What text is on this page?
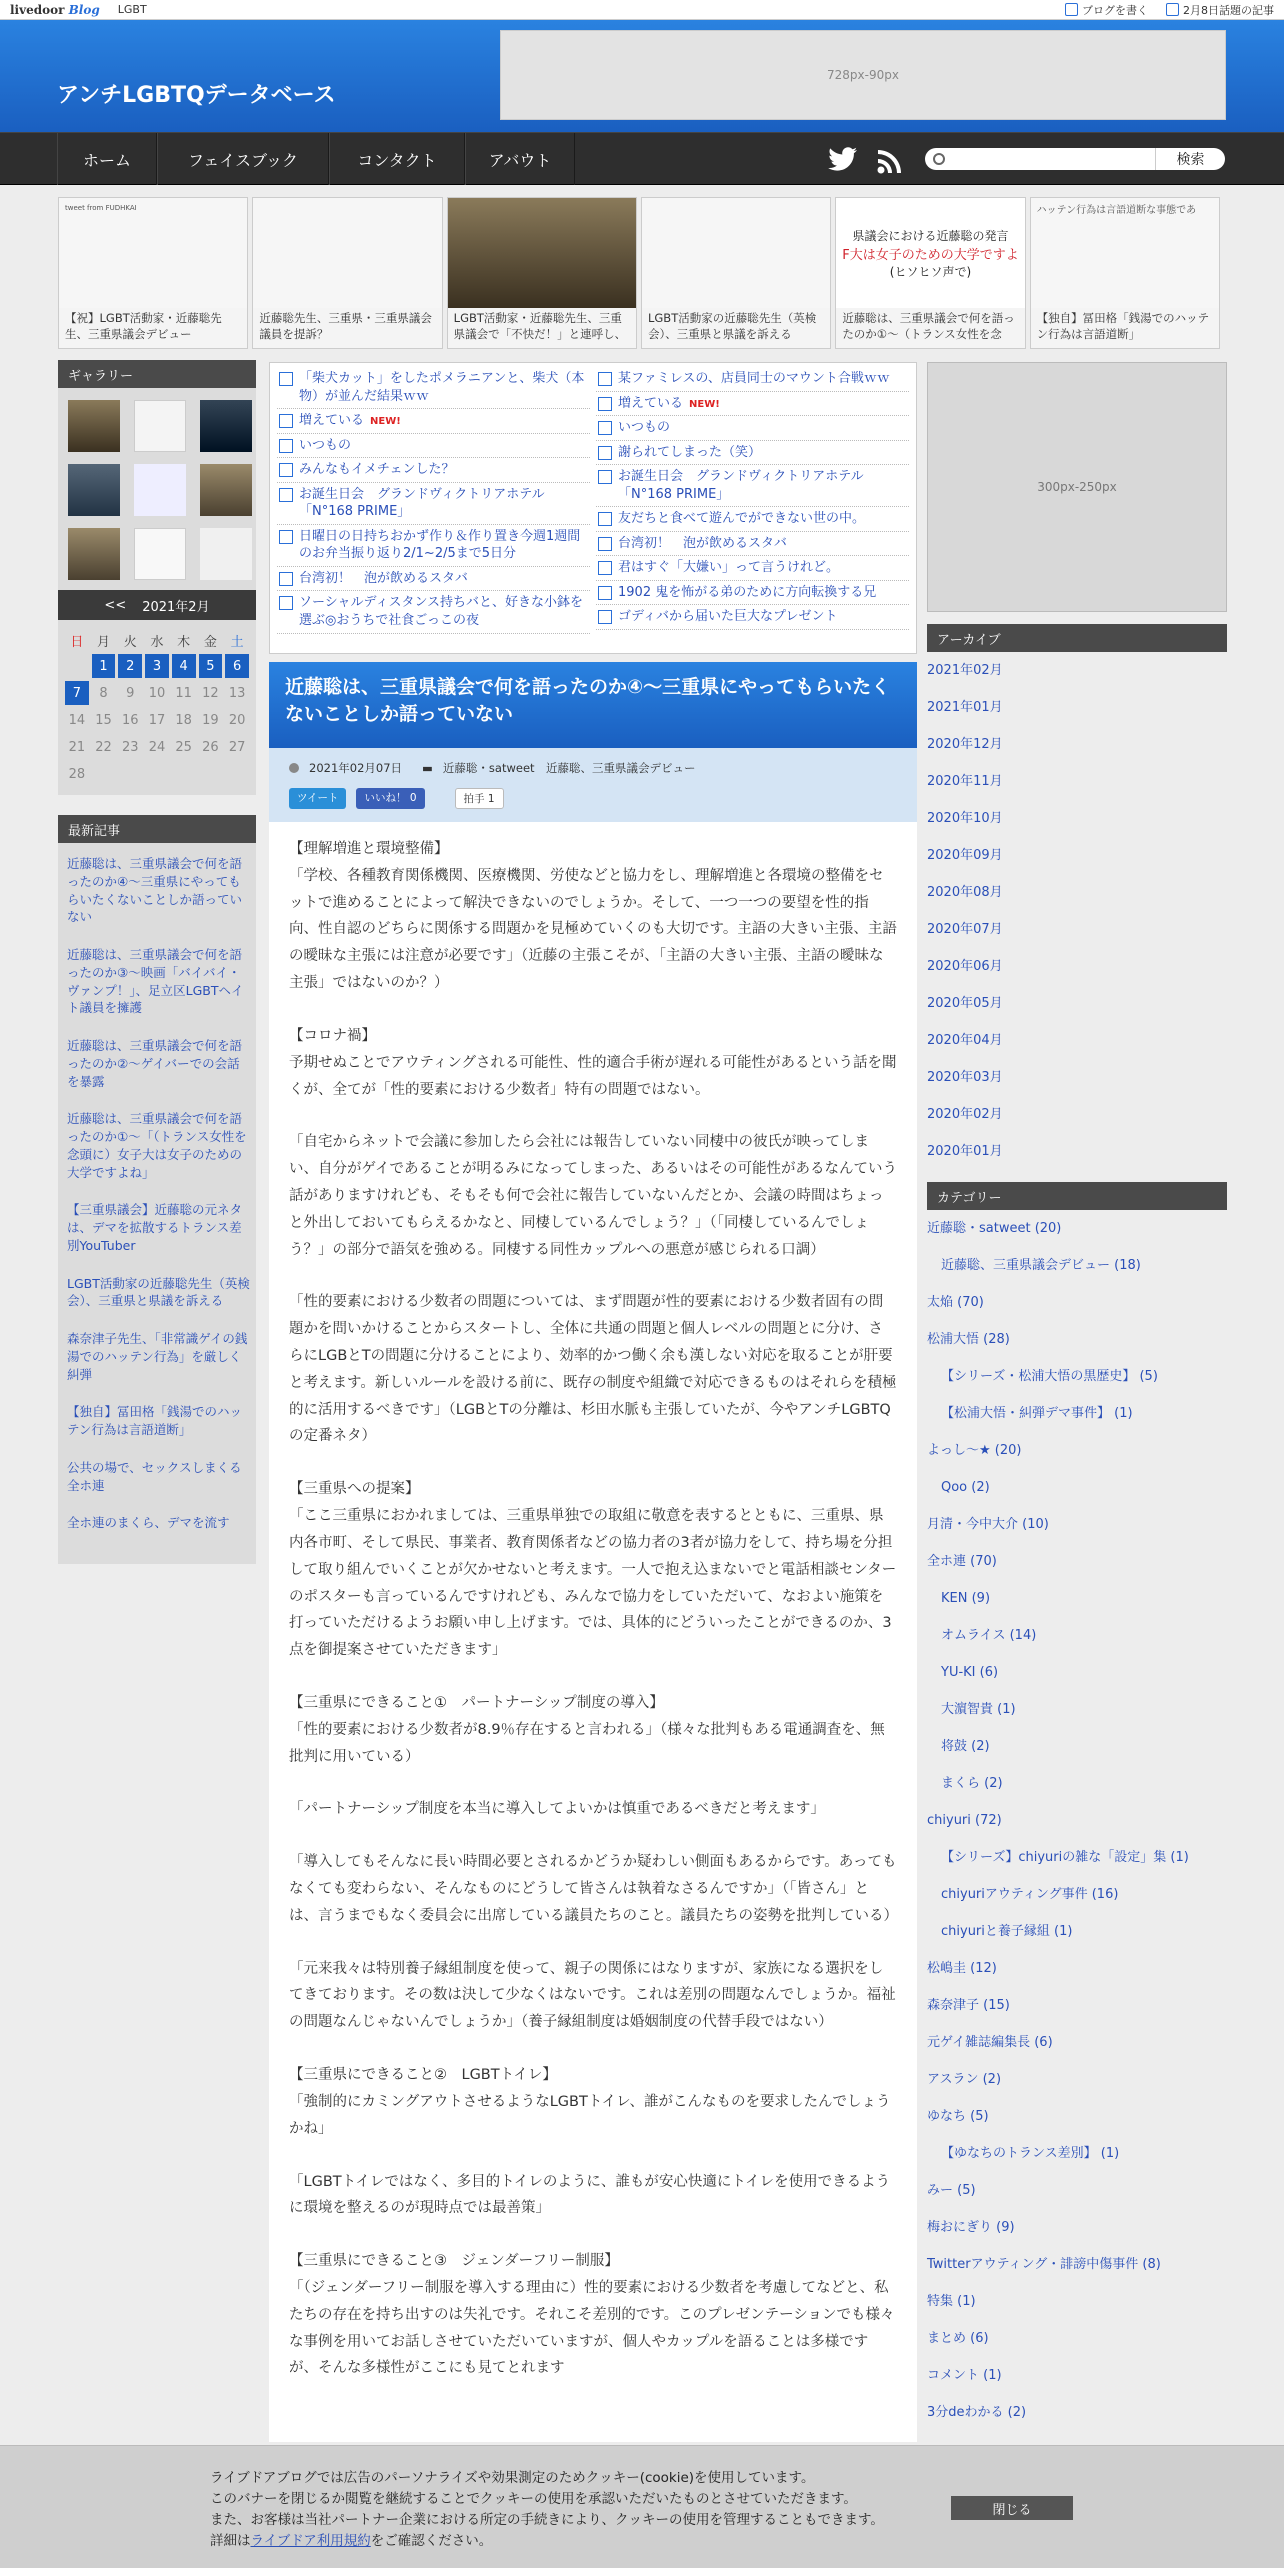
livedoor Blog LGBT	ブログを書く	2月8日話題の記事
アンチLGBTQデータベース
728px-90px
ホーム	フェイスブック	コンタクト	アバウト	検索
tweet from FUDHKAI
【祝】LGBT活動家・近藤聡先生、三重県議会デビュー
近藤聡先生、三重県・三重県議会議員を提訴？
LGBT活動家・近藤聡先生、三重県議会で「不快だ！」と連呼し、
LGBT活動家の近藤聡先生（英検会）、三重県と県議を訴える
県議会における近藤聡の発言
F大は女子のための大学ですよ
(ヒソヒソ声で)
近藤聡は、三重県議会で何を語ったのか①～（トランス女性を念
ハッテン行為は言語道断な事態であ
【独自】冨田格「銭湯でのハッテン行為は言語道断」
ギャラリー
<< 2021年2月
日	月	火	水	木	金	土
	1	2	3	4	5	6
7	8	9	10	11	12	13
14	15	16	17	18	19	20
21	22	23	24	25	26	27
28						
最新記事
近藤聡は、三重県議会で何を語ったのか④～三重県にやってもらいたくないことしか語っていない
近藤聡は、三重県議会で何を語ったのか③～映画「バイバイ・ヴァンプ！」、足立区LGBTヘイト議員を擁護
近藤聡は、三重県議会で何を語ったのか②～ゲイバーでの会話を暴露
近藤聡は、三重県議会で何を語ったのか①～「（トランス女性を念頭に）女子大は女子のための大学ですよね」
【三重県議会】近藤聡の元ネタは、デマを拡散するトランス差別YouTuber
LGBT活動家の近藤聡先生（英検会）、三重県と県議を訴える
森奈津子先生、「非常識ゲイの銭湯でのハッテン行為」を厳しく糾弾
【独自】冨田格「銭湯でのハッテン行為は言語道断」
公共の場で、セックスしまくる全ホ連
全ホ連のまくら、デマを流す
「柴犬カット」をしたポメラニアンと、柴犬（本物）が並んだ結果ｗｗ
増えている NEW!
いつもの
みんなもイメチェンした？
お誕生日会　グランドヴィクトリアホテル「N°168 PRIME」
日曜日の日持ちおかず作り＆作り置き今週1週間のお弁当振り返り2/1~2/5まで5日分
台湾初！　泡が飲めるスタバ
ソーシャルディスタンス持ちバと、好きな小鉢を選ぶ◎おうちで社食ごっこの夜
某ファミレスの、店員同士のマウント合戦ｗｗ
増えている NEW!
いつもの
謝られてしまった（笑）
お誕生日会　グランドヴィクトリアホテル「N°168 PRIME」
友だちと食べて遊んでができない世の中。
台湾初！　泡が飲めるスタバ
君はすぐ「大嫌い」って言うけれど。
1902 鬼を怖がる弟のために方向転換する兄
ゴディバから届いた巨大なプレゼント
近藤聡は、三重県議会で何を語ったのか④～三重県にやってもらいたくないことしか語っていない
2021年02月07日 ▬ 近藤聡・satweet　近藤聡、三重県議会デビュー
ツイート	いいね！ 0	拍手 1

【理解増進と環境整備】
「学校、各種教育関係機関、医療機関、労使などと協力をし、理解増進と各環境の整備をセットで進めることによって解決できないのでしょうか。そして、一つ一つの要望を性的指向、性自認のどちらに関係する問題かを見極めていくのも大切です。主語の大きい主張、主語の曖昧な主張には注意が必要です」（近藤の主張こそが、「主語の大きい主張、主語の曖昧な主張」ではないのか？）

【コロナ禍】
予期せぬことでアウティングされる可能性、性的適合手術が遅れる可能性があるという話を聞くが、全てが「性的要素における少数者」特有の問題ではない。

「自宅からネットで会議に参加したら会社には報告していない同棲中の彼氏が映ってしまい、自分がゲイであることが明るみになってしまった、あるいはその可能性があるなんていう話がありますけれども、そもそも何で会社に報告していないんだとか、会議の時間はちょっと外出しておいてもらえるかなと、同棲しているんでしょう？」（「同棲しているんでしょう？」の部分で語気を強める。同棲する同性カップルへの悪意が感じられる口調）

「性的要素における少数者の問題については、まず問題が性的要素における少数者固有の問題かを問いかけることからスタートし、全体に共通の問題と個人レベルの問題とに分け、さらにLGBとTの問題に分けることにより、効率的かつ働く余も漢しない対応を取ることが肝要と考えます。新しいルールを設ける前に、既存の制度や組織で対応できるものはそれらを積極的に活用するべきです」（LGBとTの分離は、杉田水脈も主張していたが、今やアンチLGBTQの定番ネタ）

【三重県への提案】
「ここ三重県におかれましては、三重県単独での取組に敬意を表するとともに、三重県、県内各市町、そして県民、事業者、教育関係者などの協力者の3者が協力をして、持ち場を分担して取り組んでいくことが欠かせないと考えます。一人で抱え込まないでと電話相談センターのポスターも言っているんですけれども、みんなで協力をしていただいて、なおよい施策を打っていただけるようお願い申し上げます。では、具体的にどういったことができるのか、3点を御提案させていただきます」

【三重県にできること①　パートナーシップ制度の導入】
「性的要素における少数者が8.9％存在すると言われる」（様々な批判もある電通調査を、無批判に用いている）

「パートナーシップ制度を本当に導入してよいかは慎重であるべきだと考えます」

「導入してもそんなに長い時間必要とされるかどうか疑わしい側面もあるからです。あってもなくても変わらない、そんなものにどうして皆さんは執着なさるんですか」（「皆さん」とは、言うまでもなく委員会に出席している議員たちのこと。議員たちの姿勢を批判している）

「元来我々は特別養子縁組制度を使って、親子の関係にはなりますが、家族になる選択をしてきております。その数は決して少なくはないです。これは差別の問題なんでしょうか。福祉の問題なんじゃないんでしょうか」（養子縁組制度は婚姻制度の代替手段ではない）

【三重県にできること②　LGBTトイレ】
「強制的にカミングアウトさせるようなLGBTトイレ、誰がこんなものを要求したんでしょうかね」

「LGBTトイレではなく、多目的トイレのように、誰もが安心快適にトイレを使用できるように環境を整えるのが現時点では最善策」

【三重県にできること③　ジェンダーフリー制服】
「（ジェンダーフリー制服を導入する理由に）性的要素における少数者を考慮してなどと、私たちの存在を持ち出すのは失礼です。それこそ差別的です。このプレゼンテーションでも様々な事例を用いてお話しさせていただいていますが、個人やカップルを語ることは多様ですが、そんな多様性がここにも見てとれます

300px-250px
アーカイブ
2021年02月
2021年01月
2020年12月
2020年11月
2020年10月
2020年09月
2020年08月
2020年07月
2020年06月
2020年05月
2020年04月
2020年03月
2020年02月
2020年01月
カテゴリー
近藤聡・satweet (20)
近藤聡、三重県議会デビュー (18)
太焔 (70)
松浦大悟 (28)
【シリーズ・松浦大悟の黒歴史】 (5)
【松浦大悟・糾弾デマ事件】 (1)
よっし～★ (20)
Qoo (2)
月清・今中大介 (10)
全ホ連 (70)
KEN (9)
オムライス (14)
YU-KI (6)
大濵智貴 (1)
将鼓 (2)
まくら (2)
chiyuri (72)
【シリーズ】chiyuriの雑な「設定」集 (1)
chiyuriアウティング事件 (16)
chiyuriと養子縁組 (1)
松嶋圭 (12)
森奈津子 (15)
元ゲイ雑誌編集長 (6)
アスラン (2)
ゆなち (5)
【ゆなちのトランス差別】 (1)
みー (5)
梅おにぎり (9)
Twitterアウティング・誹謗中傷事件 (8)
特集 (1)
まとめ (6)
コメント (1)
3分deわかる (2)
ライブドアブログでは広告のパーソナライズや効果測定のためクッキー(cookie)を使用しています。
このバナーを閉じるか閲覧を継続することでクッキーの使用を承認いただいたものとさせていただきます。
また、お客様は当社パートナー企業における所定の手続きにより、クッキーの使用を管理することもできます。
詳細はライブドア利用規約をご確認ください。
閉じる
